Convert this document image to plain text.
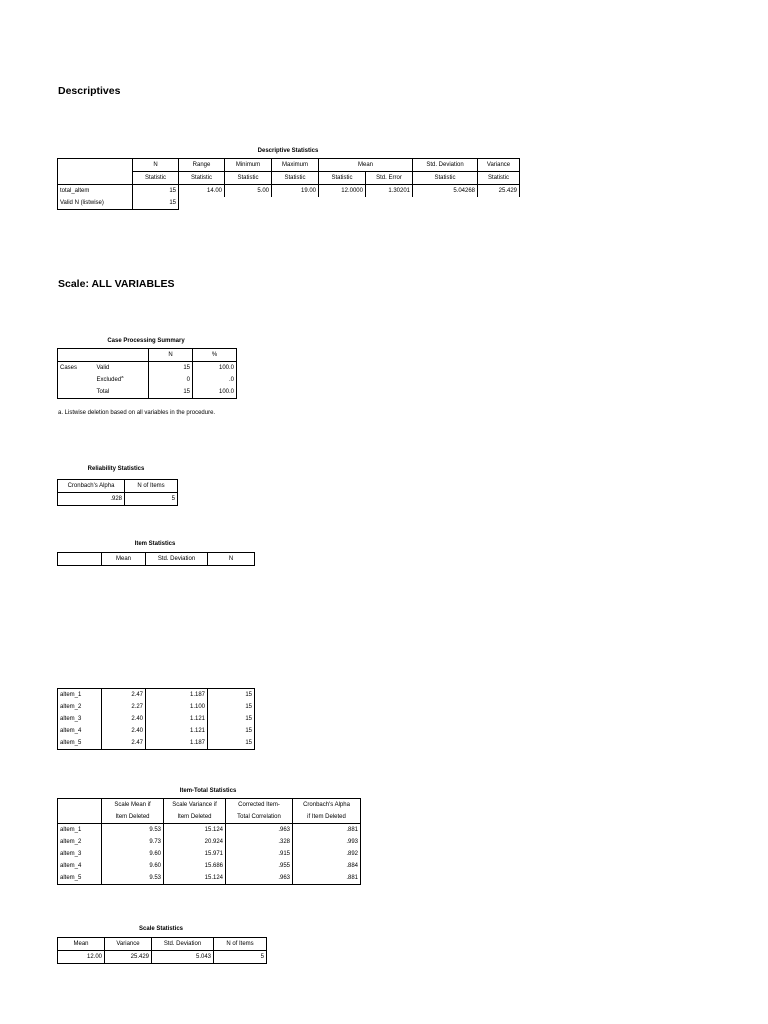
Descriptives
Descriptive Statistics
	N	Range	Minimum	Maximum	Mean		Std. Deviation	Variance
	Statistic	Statistic	Statistic	Statistic	Statistic	Std. Error	Statistic	Statistic
total_altem	15	14.00	5.00	19.00	12.0000	1.30201	5.04268	25.429
Valid N (listwise)	15							
Scale: ALL VARIABLES
Case Processing Summary
		N	%
Cases	Valid	15	100.0
	Excluded$^a$	0	.0
	Total	15	100.0
a. Listwise deletion based on all variables in the procedure.
Reliability Statistics
Cronbach's Alpha	N of Items
.928	5
Item Statistics
	Mean	Std. Deviation	N
altem_1	2.47	1.187	15
altem_2	2.27	1.100	15
altem_3	2.40	1.121	15
altem_4	2.40	1.121	15
altem_5	2.47	1.187	15
Item-Total Statistics
	Scale Mean if	Scale Variance if	Corrected Item-	Cronbach's Alpha
	Item Deleted	Item Deleted	Total Correlation	if Item Deleted
altem_1	9.53	15.124	.963	.881
altem_2	9.73	20.924	.328	.993
altem_3	9.60	15.971	.915	.892
altem_4	9.60	15.686	.955	.884
altem_5	9.53	15.124	.963	.881
Scale Statistics
Mean	Variance	Std. Deviation	N of Items
12.00	25.429	5.043	5
